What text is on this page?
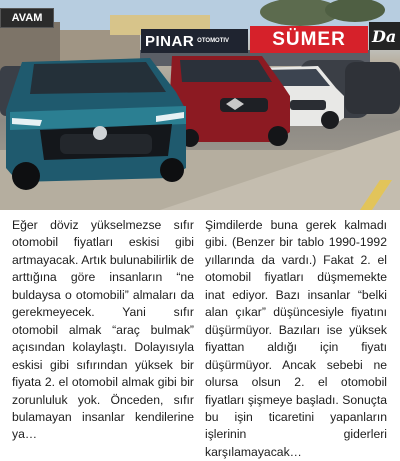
AVAM
PINAR OTOMOTIV SÜMER Da

Eğer döviz yükselmezse sıfır otomobil fiyatları eskisi gibi artmayacak. Artık bulunabilirlik de arttığına göre insanların “ne buldaysa o otomobili” almaları da gerekmeyecek. Yani sıfır otomobil almak “araç bulmak” açısından kolaylaştı. Dolayısıyla eskisi gibi sıfırından yüksek bir fiyata 2. el otomobil almak gibi bir zorunluluk yok. Önceden, sıfır bulamayan insanlar kendilerine ya…

Şimdilerde buna gerek kalmadı gibi. (Benzer bir tablo 1990-1992 yıllarında da vardı.) Fakat 2. el otomobil fiyatları düşmemekte inat ediyor. Bazı insanlar “belki alan çıkar” düşüncesiyle fiyatını düşürmüyor. Bazıları ise yüksek fiyattan aldığı için fiyatı düşürmüyor. Ancak sebebi ne olursa olsun 2. el otomobil fiyatları şişmeye başladı. Sonuçta bu işin ticaretini yapanların işlerinin giderleri karşılamayacak…
